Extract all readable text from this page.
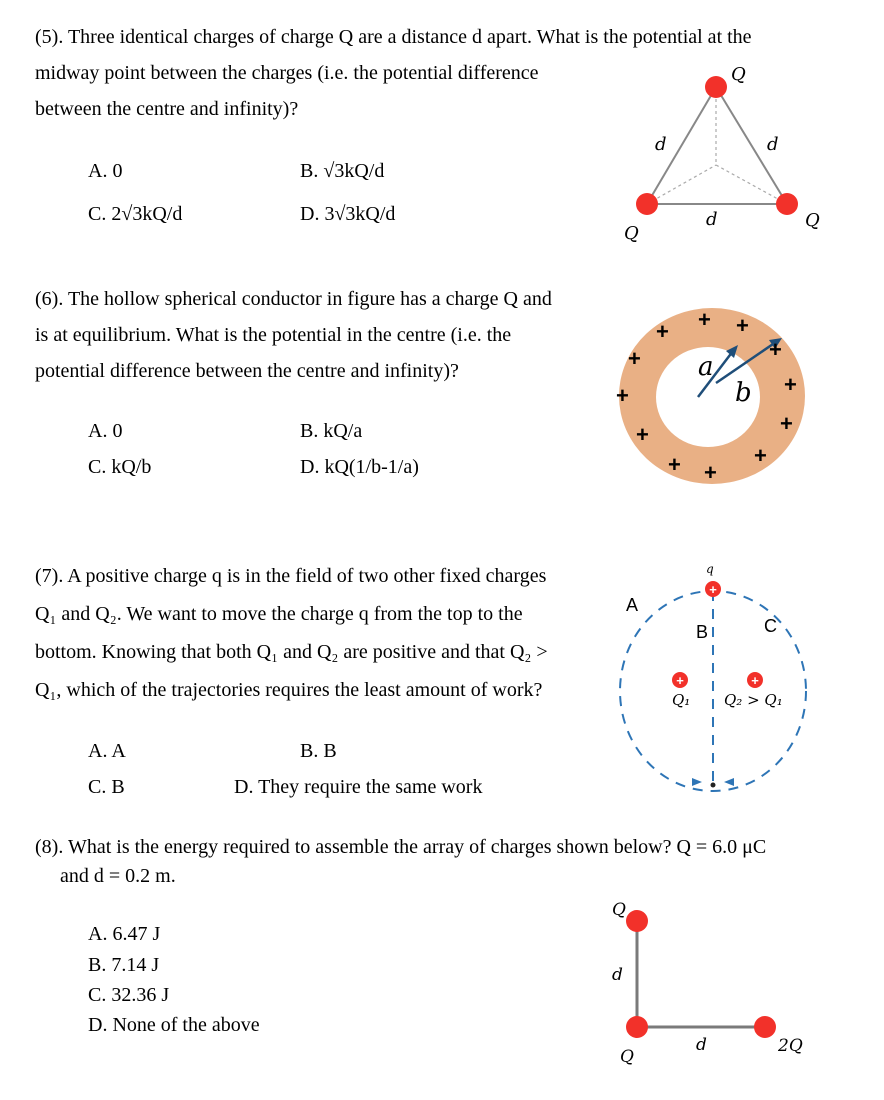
(5). Three identical charges of charge Q are a distance d apart. What is the potential at the
midway point between the charges (i.e. the potential difference
between the centre and infinity)?
A. 0	B. √3kQ/d
C. 2√3kQ/d	D. 3√3kQ/d
Q
Q
Q
d	d
d
(6). The hollow spherical conductor in figure has a charge Q and
is at equilibrium. What is the potential in the centre (i.e. the
potential difference between the centre and infinity)?
A. 0	B. kQ/a
C. kQ/b	D. kQ(1/b-1/a)
a
b
+ + +
+
+
+
+
+
+
+
+
+
(7). A positive charge q is in the field of two other fixed charges
Q₁ and Q₂. We want to move the charge q from the top to the
bottom. Knowing that both Q₁ and Q₂ are positive and that Q₂ >
Q₁, which of the trajectories requires the least amount of work?
A. A	B. B
C. B	D. They require the same work
+
+	+
q
A
B	C
Q₁ Q₂ > Q₁
(8). What is the energy required to assemble the array of charges shown below? Q = 6.0 μC
and d = 0.2 m.
A. 6.47 J
B. 7.14 J
C. 32.36 J
D. None of the above
Q
Q
2Q
d
d
